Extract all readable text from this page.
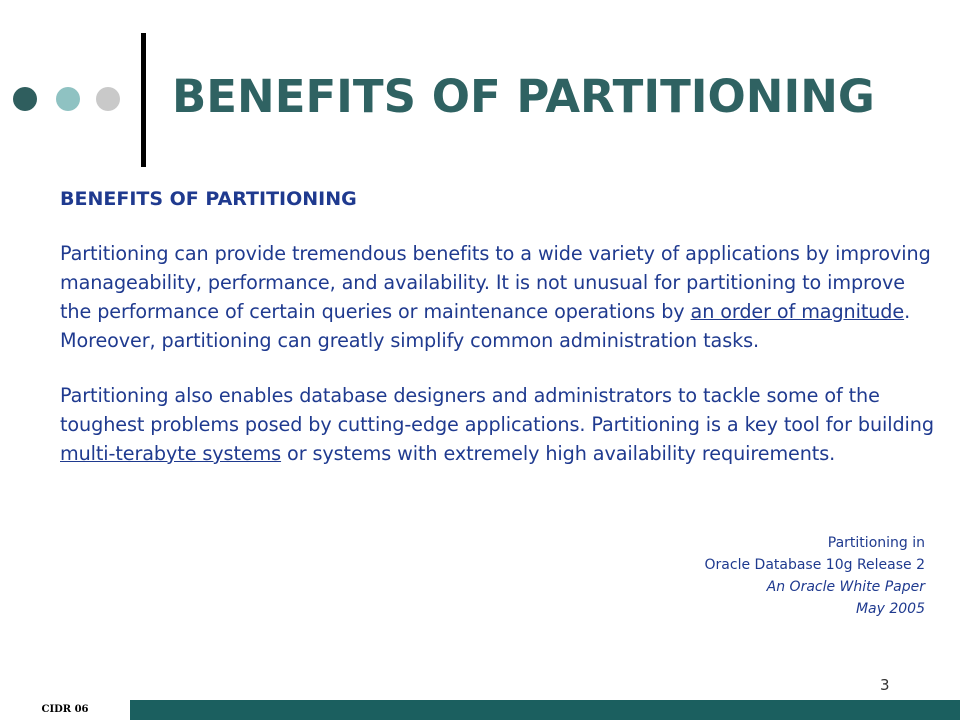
BENEFITS OF PARTITIONING
BENEFITS OF PARTITIONING

Partitioning can provide tremendous benefits to a wide variety of applications by improving manageability, performance, and availability. It is not unusual for partitioning to improve the performance of certain queries or maintenance operations by an order of magnitude. Moreover, partitioning can greatly simplify common administration tasks.

Partitioning also enables database designers and administrators to tackle some of the toughest problems posed by cutting-edge applications. Partitioning is a key tool for building multi-terabyte systems or systems with extremely high availability requirements.

Partitioning in
Oracle Database 10g Release 2
An Oracle White Paper
May 2005
3
CIDR 06
